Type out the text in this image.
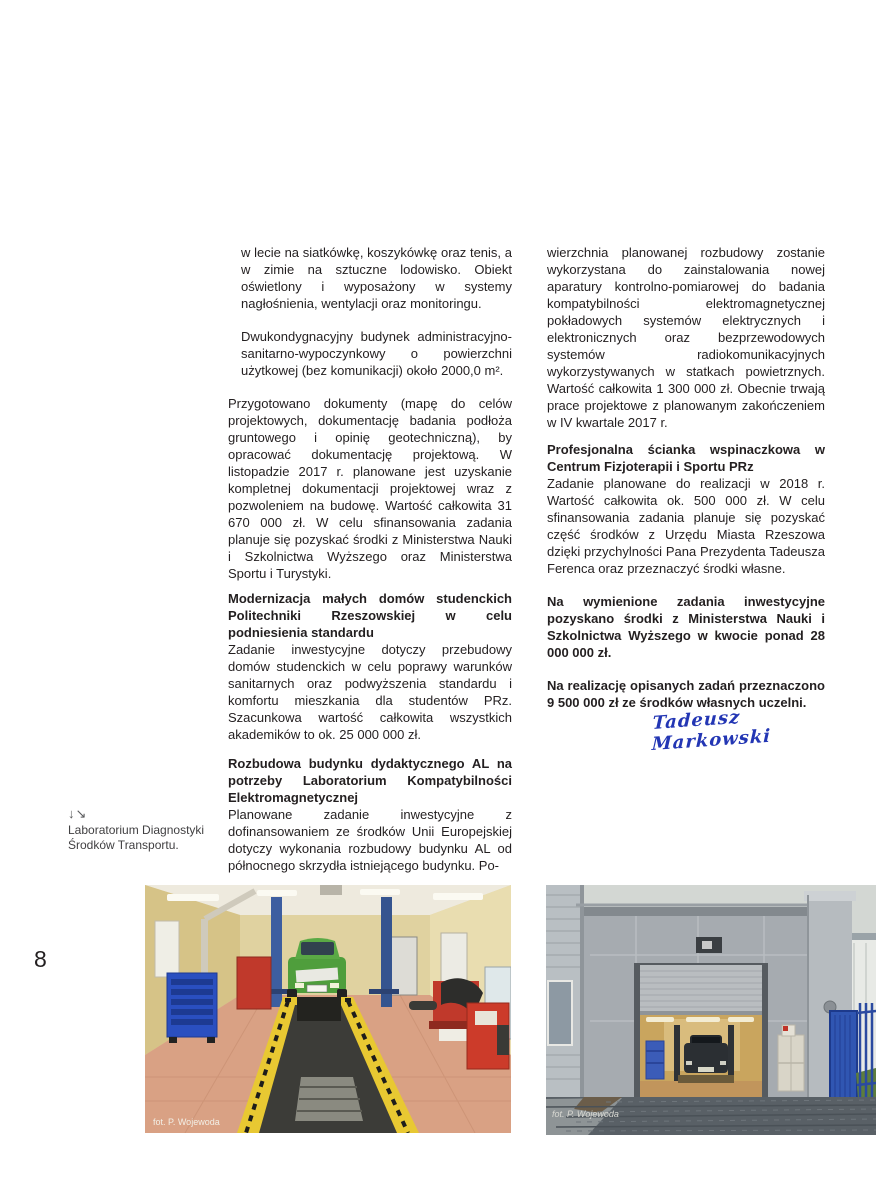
8

w lecie na siatkówkę, koszykówkę oraz tenis, a w zimie na sztuczne lodowisko. Obiekt oświetlony i wyposażony w systemy nagłośnienia, wentylacji oraz monitoringu.

Dwukondygnacyjny budynek administracyjno-sanitarno-wypoczynkowy o powierzchni użytkowej (bez komunikacji) około 2000,0 m².

Przygotowano dokumenty (mapę do celów projektowych, dokumentację badania podłoża gruntowego i opinię geotechniczną), by opracować dokumentację projektową. W listopadzie 2017 r. planowane jest uzyskanie kompletnej dokumentacji projektowej wraz z pozwoleniem na budowę. Wartość całkowita 31 670 000 zł. W celu sfinansowania zadania planuje się pozyskać środki z Ministerstwa Nauki i Szkolnictwa Wyższego oraz Ministerstwa Sportu i Turystyki.

Modernizacja małych domów studenckich Politechniki Rzeszowskiej w celu podniesienia standardu

Zadanie inwestycyjne dotyczy przebudowy domów studenckich w celu poprawy warunków sanitarnych oraz podwyższenia standardu i komfortu mieszkania dla studentów PRz. Szacunkowa wartość całkowita wszystkich akademików to ok. 25 000 000 zł.

Rozbudowa budynku dydaktycznego AL na potrzeby Laboratorium Kompatybilności Elektromagnetycznej

Planowane zadanie inwestycyjne z dofinansowaniem ze środków Unii Europejskiej dotyczy wykonania rozbudowy budynku AL od północnego skrzydła istniejącego budynku. Po-

wierzchnia planowanej rozbudowy zostanie wykorzystana do zainstalowania nowej aparatury kontrolno-pomiarowej do badania kompatybilności elektromagnetycznej pokładowych systemów elektrycznych i elektronicznych oraz bezprzewodowych systemów radiokomunikacyjnych wykorzystywanych w statkach powietrznych. Wartość całkowita 1 300 000 zł. Obecnie trwają prace projektowe z planowanym zakończeniem w IV kwartale 2017 r.

Profesjonalna ścianka wspinaczkowa w Centrum Fizjoterapii i Sportu PRz

Zadanie planowane do realizacji w 2018 r. Wartość całkowita ok. 500 000 zł. W celu sfinansowania zadania planuje się pozyskać część środków z Urzędu Miasta Rzeszowa dzięki przychylności Pana Prezydenta Tadeusza Ferenca oraz przeznaczyć środki własne.

Na wymienione zadania inwestycyjne pozyskano środki z Ministerstwa Nauki i Szkolnictwa Wyższego w kwocie ponad 28 000 000 zł.

Na realizację opisanych zadań przeznaczono 9 500 000 zł ze środków własnych uczelni.

Tadeusz Markowski
↓↘
Laboratorium Diagnostyki
Środków Transportu.
fot. P. Wojewoda
fot. P. Wojewoda
